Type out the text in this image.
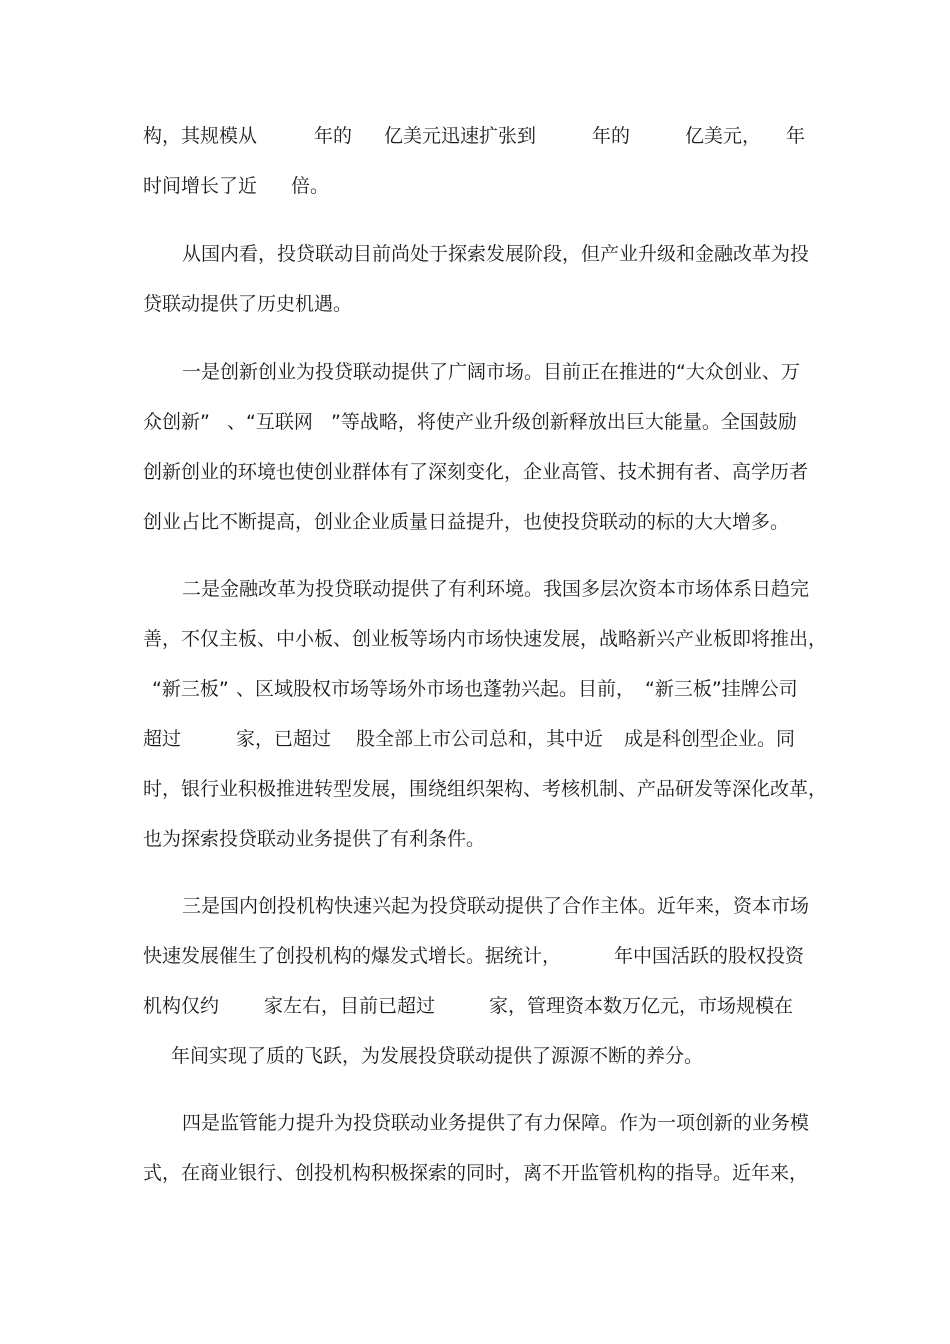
构，其规模从	年的 亿美元迅速扩张到	年的	亿美元， 年
时间增长了近 倍。
从国内看，投贷联动目前尚处于探索发展阶段，但产业升级和金融改革为投
贷联动提供了历史机遇。
一是创新创业为投贷联动提供了广阔市场。目前正在推进的“大众创业、万
众创新” 、 “互联网 ”等战略，将使产业升级创新释放出巨大能量。全国鼓励
创新创业的环境也使创业群体有了深刻变化，企业高管、技术拥有者、高学历者
创业占比不断提高，创业企业质量日益提升，也使投贷联动的标的大大增多。
二是金融改革为投贷联动提供了有利环境。我国多层次资本市场体系日趋完
善，不仅主板、中小板、创业板等场内市场快速发展，战略新兴产业板即将推出，
“新三板” 、区域股权市场等场外市场也蓬勃兴起。目前， “新三板”挂牌公司
超过	家，已超过 股全部上市公司总和，其中近 成是科创型企业。同
时，银行业积极推进转型发展，围绕组织架构、考核机制、产品研发等深化改革，
也为探索投贷联动业务提供了有利条件。
三是国内创投机构快速兴起为投贷联动提供了合作主体。近年来，资本市场
快速发展催生了创投机构的爆发式增长。据统计，	年中国活跃的股权投资
机构仅约 家左右，目前已超过	家，管理资本数万亿元，市场规模在
年间实现了质的飞跃，为发展投贷联动提供了源源不断的养分。
四是监管能力提升为投贷联动业务提供了有力保障。作为一项创新的业务模
式，在商业银行、创投机构积极探索的同时，离不开监管机构的指导。近年来，
